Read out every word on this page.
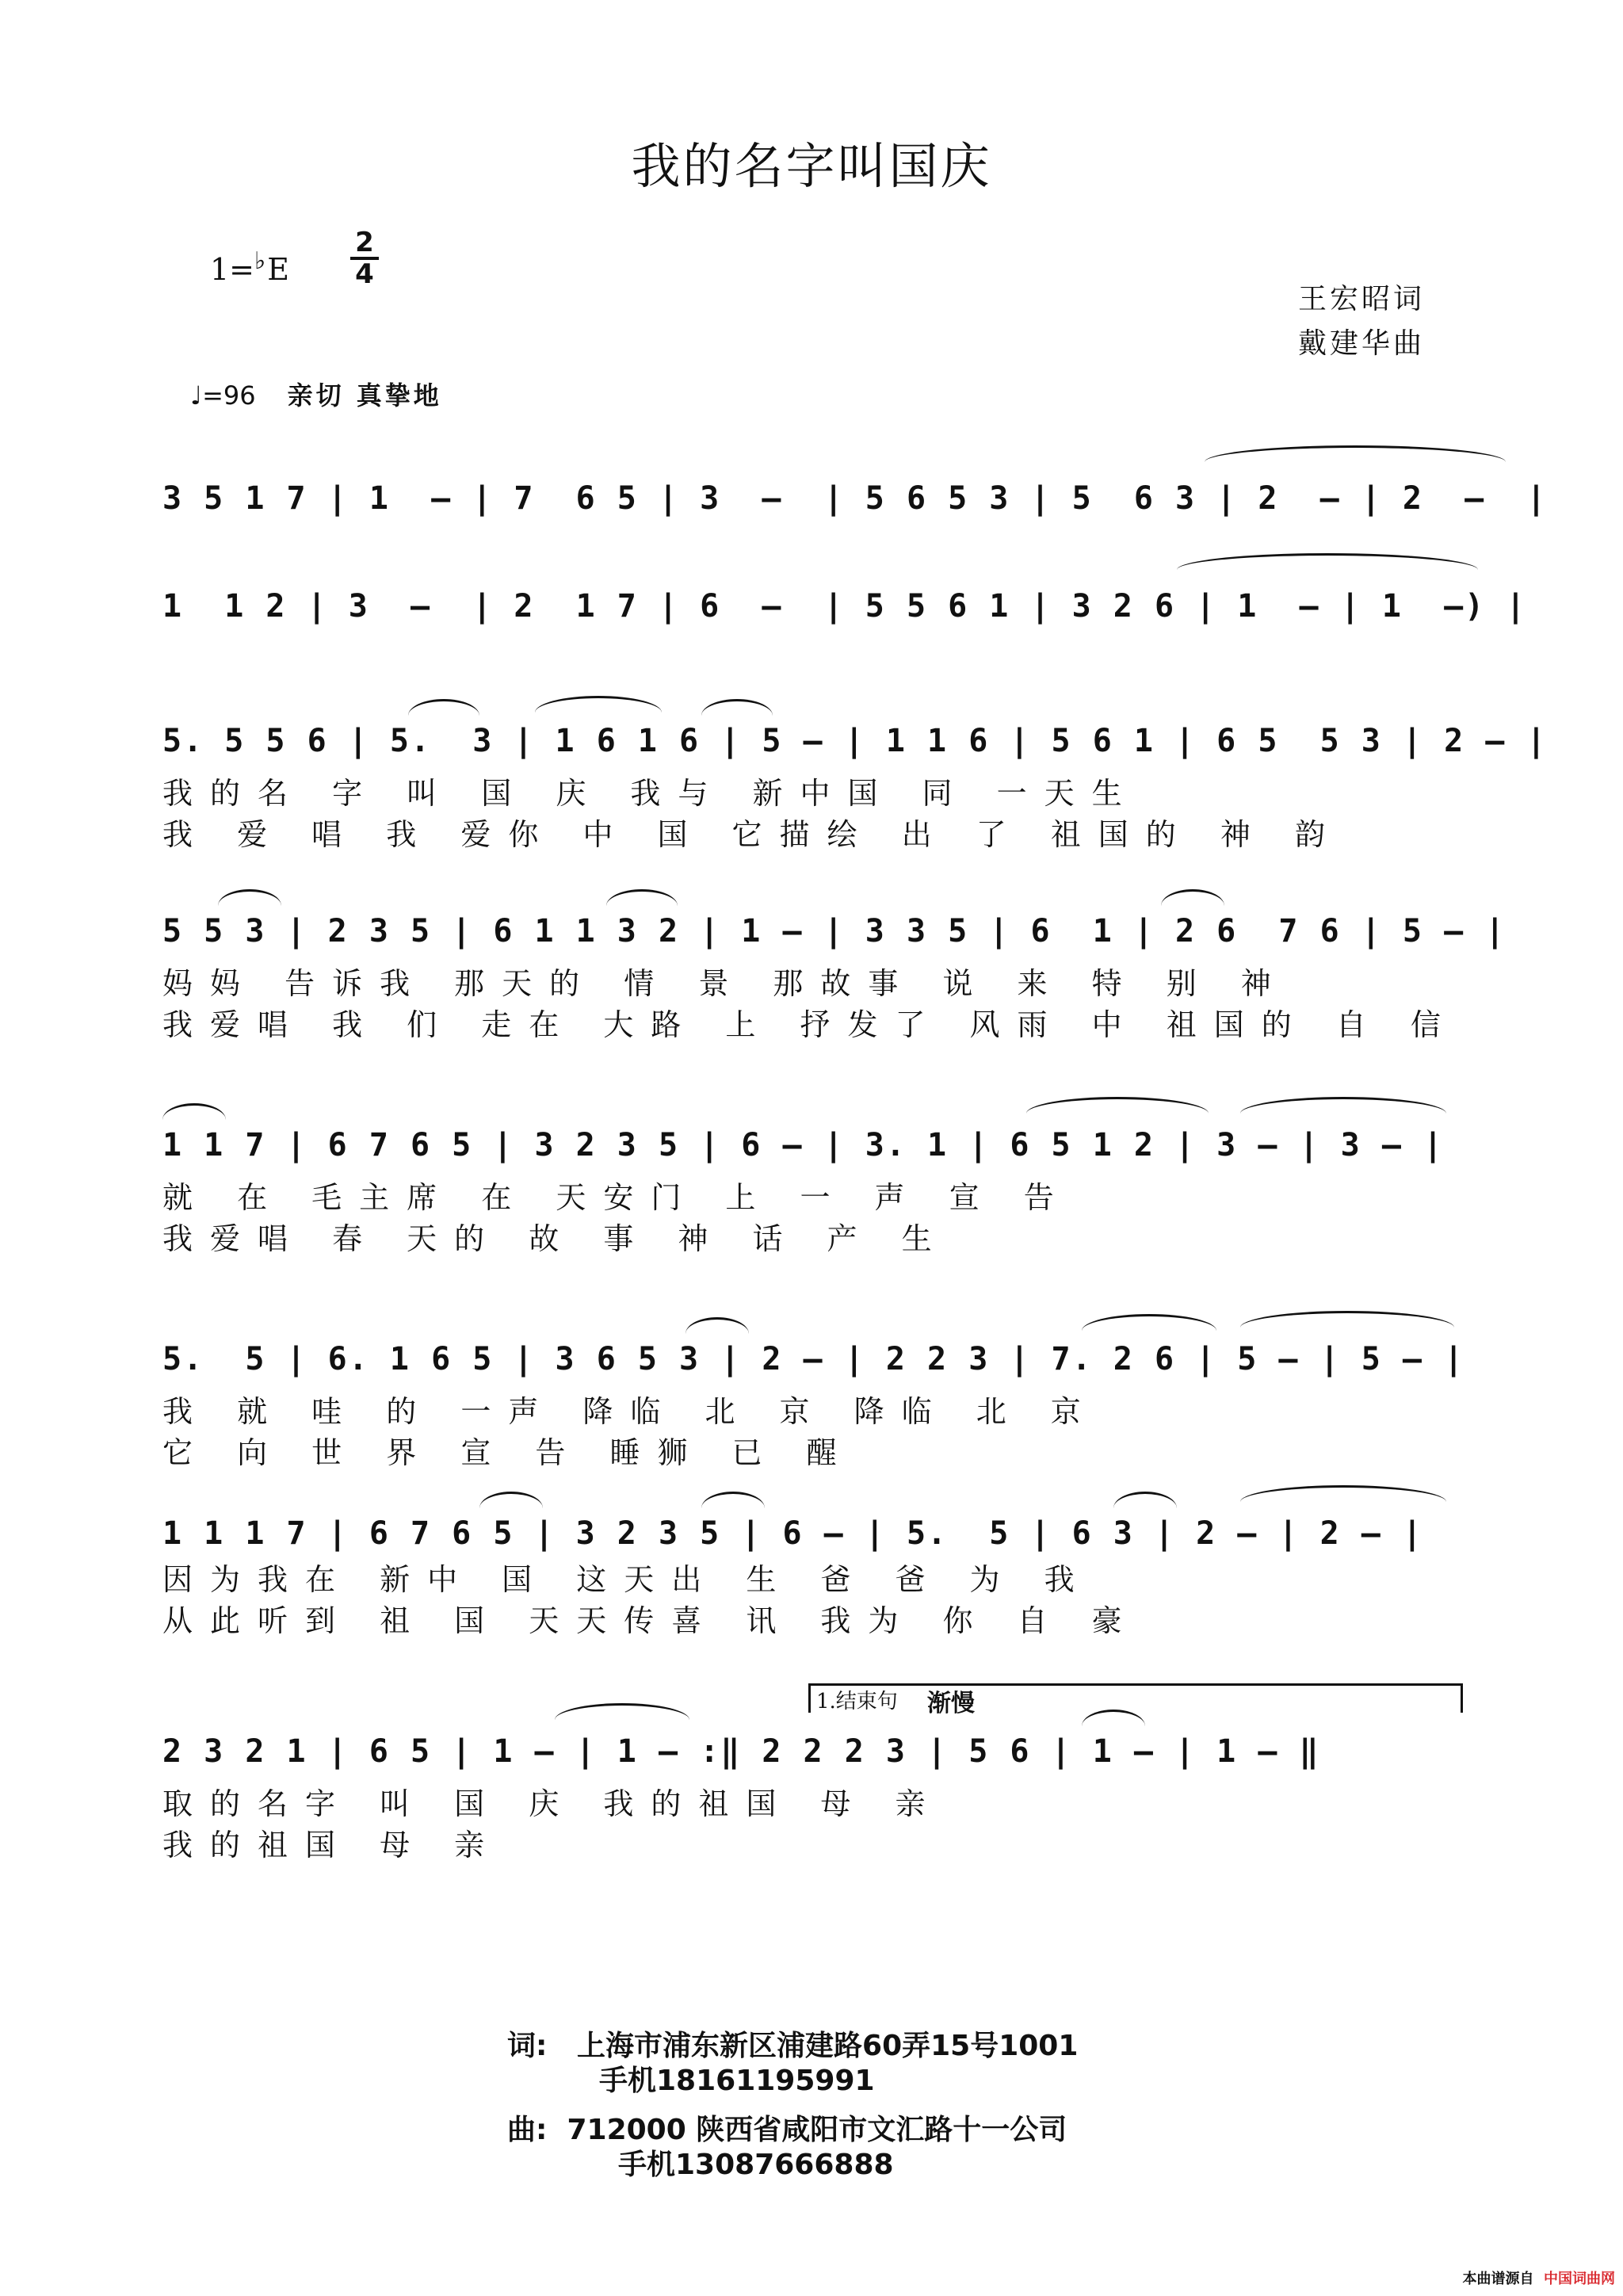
我的名字叫国庆
1=♭E
2
4
王宏昭词
戴建华曲
♩=96 亲切 真挚地
3 5 1 7 | 1  – | 7  6 5 | 3  –  | 5 6 5 3 | 5  6 3 | 2  – | 2  –  |
1  1 2 | 3  –  | 2  1 7 | 6  –  | 5 5 6 1 | 3 2 6 | 1  – | 1  –) |
5. 5 5 6 | 5.  3 | 1 6 1 6 | 5 – | 1 1 6 | 5 6 1 | 6 5  5 3 | 2 – |
我的名 字 叫 国 庆 我与 新中国 同 一天生
我 爱 唱 我 爱你 中 国 它描绘 出 了 祖国的 神 韵
5 5 3 | 2 3 5 | 6 1 1 3 2 | 1 – | 3 3 5 | 6  1 | 2 6  7 6 | 5 – |
妈妈 告诉我 那天的 情 景 那故事 说 来 特 别 神
我爱唱 我 们 走在 大路 上 抒发了 风雨 中 祖国的 自 信
1 1 7 | 6 7 6 5 | 3 2 3 5 | 6 – | 3. 1 | 6 5 1 2 | 3 – | 3 – |
就 在 毛主席 在 天安门 上 一 声 宣 告
我爱唱 春 天的 故 事 神 话 产 生
5.  5 | 6. 1 6 5 | 3 6 5 3 | 2 – | 2 2 3 | 7. 2 6 | 5 – | 5 – |
我 就 哇 的 一声 降临 北 京 降临 北 京
它 向 世 界 宣 告 睡狮 已 醒
1 1 1 7 | 6 7 6 5 | 3 2 3 5 | 6 – | 5.  5 | 6 3 | 2 – | 2 – |
因为我在 新中 国 这天出 生 爸 爸 为 我
从此听到 祖 国 天天传喜 讯 我为 你 自 豪
1.结束句 渐慢
2 3 2 1 | 6 5 | 1 – | 1 – :‖ 2 2 2 3 | 5 6 | 1 – | 1 – ‖
取的名字 叫 国 庆 我的祖国 母 亲
我的祖国 母 亲
词: 上海市浦东新区浦建路60弄15号1001
手机18161195991
曲: 712000 陕西省咸阳市文汇路十一公司
手机13087666888
本曲谱源自 中国词曲网
